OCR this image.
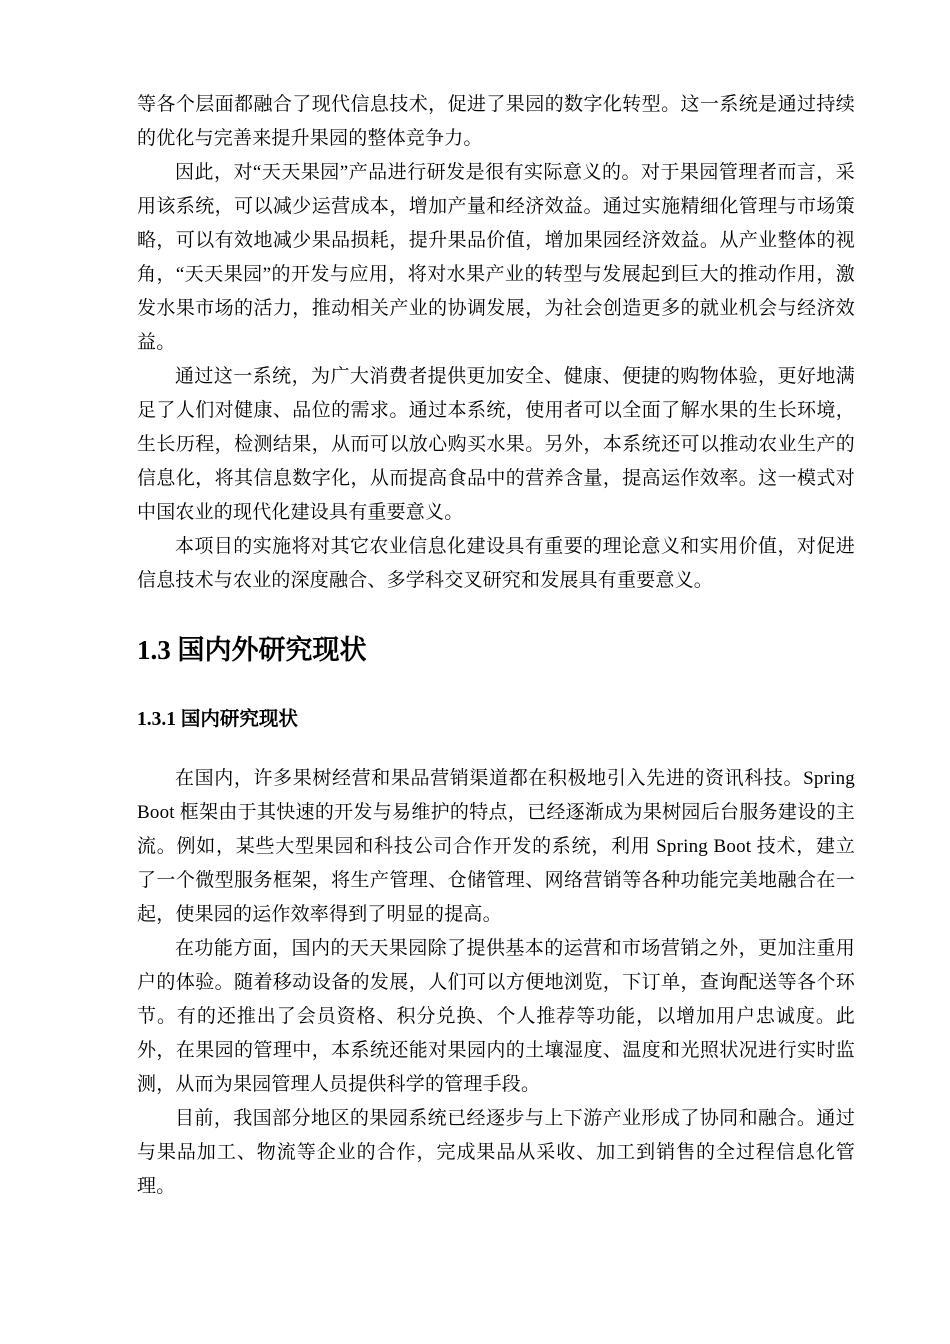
等各个层面都融合了现代信息技术，促进了果园的数字化转型。这一系统是通过持续的优化与完善来提升果园的整体竞争力。

因此，对“天天果园”产品进行研发是很有实际意义的。对于果园管理者而言，采用该系统，可以减少运营成本，增加产量和经济效益。通过实施精细化管理与市场策略，可以有效地减少果品损耗，提升果品价值，增加果园经济效益。从产业整体的视角，“天天果园”的开发与应用，将对水果产业的转型与发展起到巨大的推动作用，激发水果市场的活力，推动相关产业的协调发展，为社会创造更多的就业机会与经济效益。

通过这一系统，为广大消费者提供更加安全、健康、便捷的购物体验，更好地满足了人们对健康、品位的需求。通过本系统，使用者可以全面了解水果的生长环境，生长历程，检测结果，从而可以放心购买水果。另外，本系统还可以推动农业生产的信息化，将其信息数字化，从而提高食品中的营养含量，提高运作效率。这一模式对中国农业的现代化建设具有重要意义。

本项目的实施将对其它农业信息化建设具有重要的理论意义和实用价值，对促进信息技术与农业的深度融合、多学科交叉研究和发展具有重要意义。

1.3 国内外研究现状
1.3.1 国内研究现状

在国内，许多果树经营和果品营销渠道都在积极地引入先进的资讯科技。Spring Boot 框架由于其快速的开发与易维护的特点，已经逐渐成为果树园后台服务建设的主流。例如，某些大型果园和科技公司合作开发的系统，利用 Spring Boot 技术，建立了一个微型服务框架，将生产管理、仓储管理、网络营销等各种功能完美地融合在一起，使果园的运作效率得到了明显的提高。

在功能方面，国内的天天果园除了提供基本的运营和市场营销之外，更加注重用户的体验。随着移动设备的发展，人们可以方便地浏览，下订单，查询配送等各个环节。有的还推出了会员资格、积分兑换、个人推荐等功能，以增加用户忠诚度。此外，在果园的管理中，本系统还能对果园内的土壤湿度、温度和光照状况进行实时监测，从而为果园管理人员提供科学的管理手段。

目前，我国部分地区的果园系统已经逐步与上下游产业形成了协同和融合。通过与果品加工、物流等企业的合作，完成果品从采收、加工到销售的全过程信息化管理。
